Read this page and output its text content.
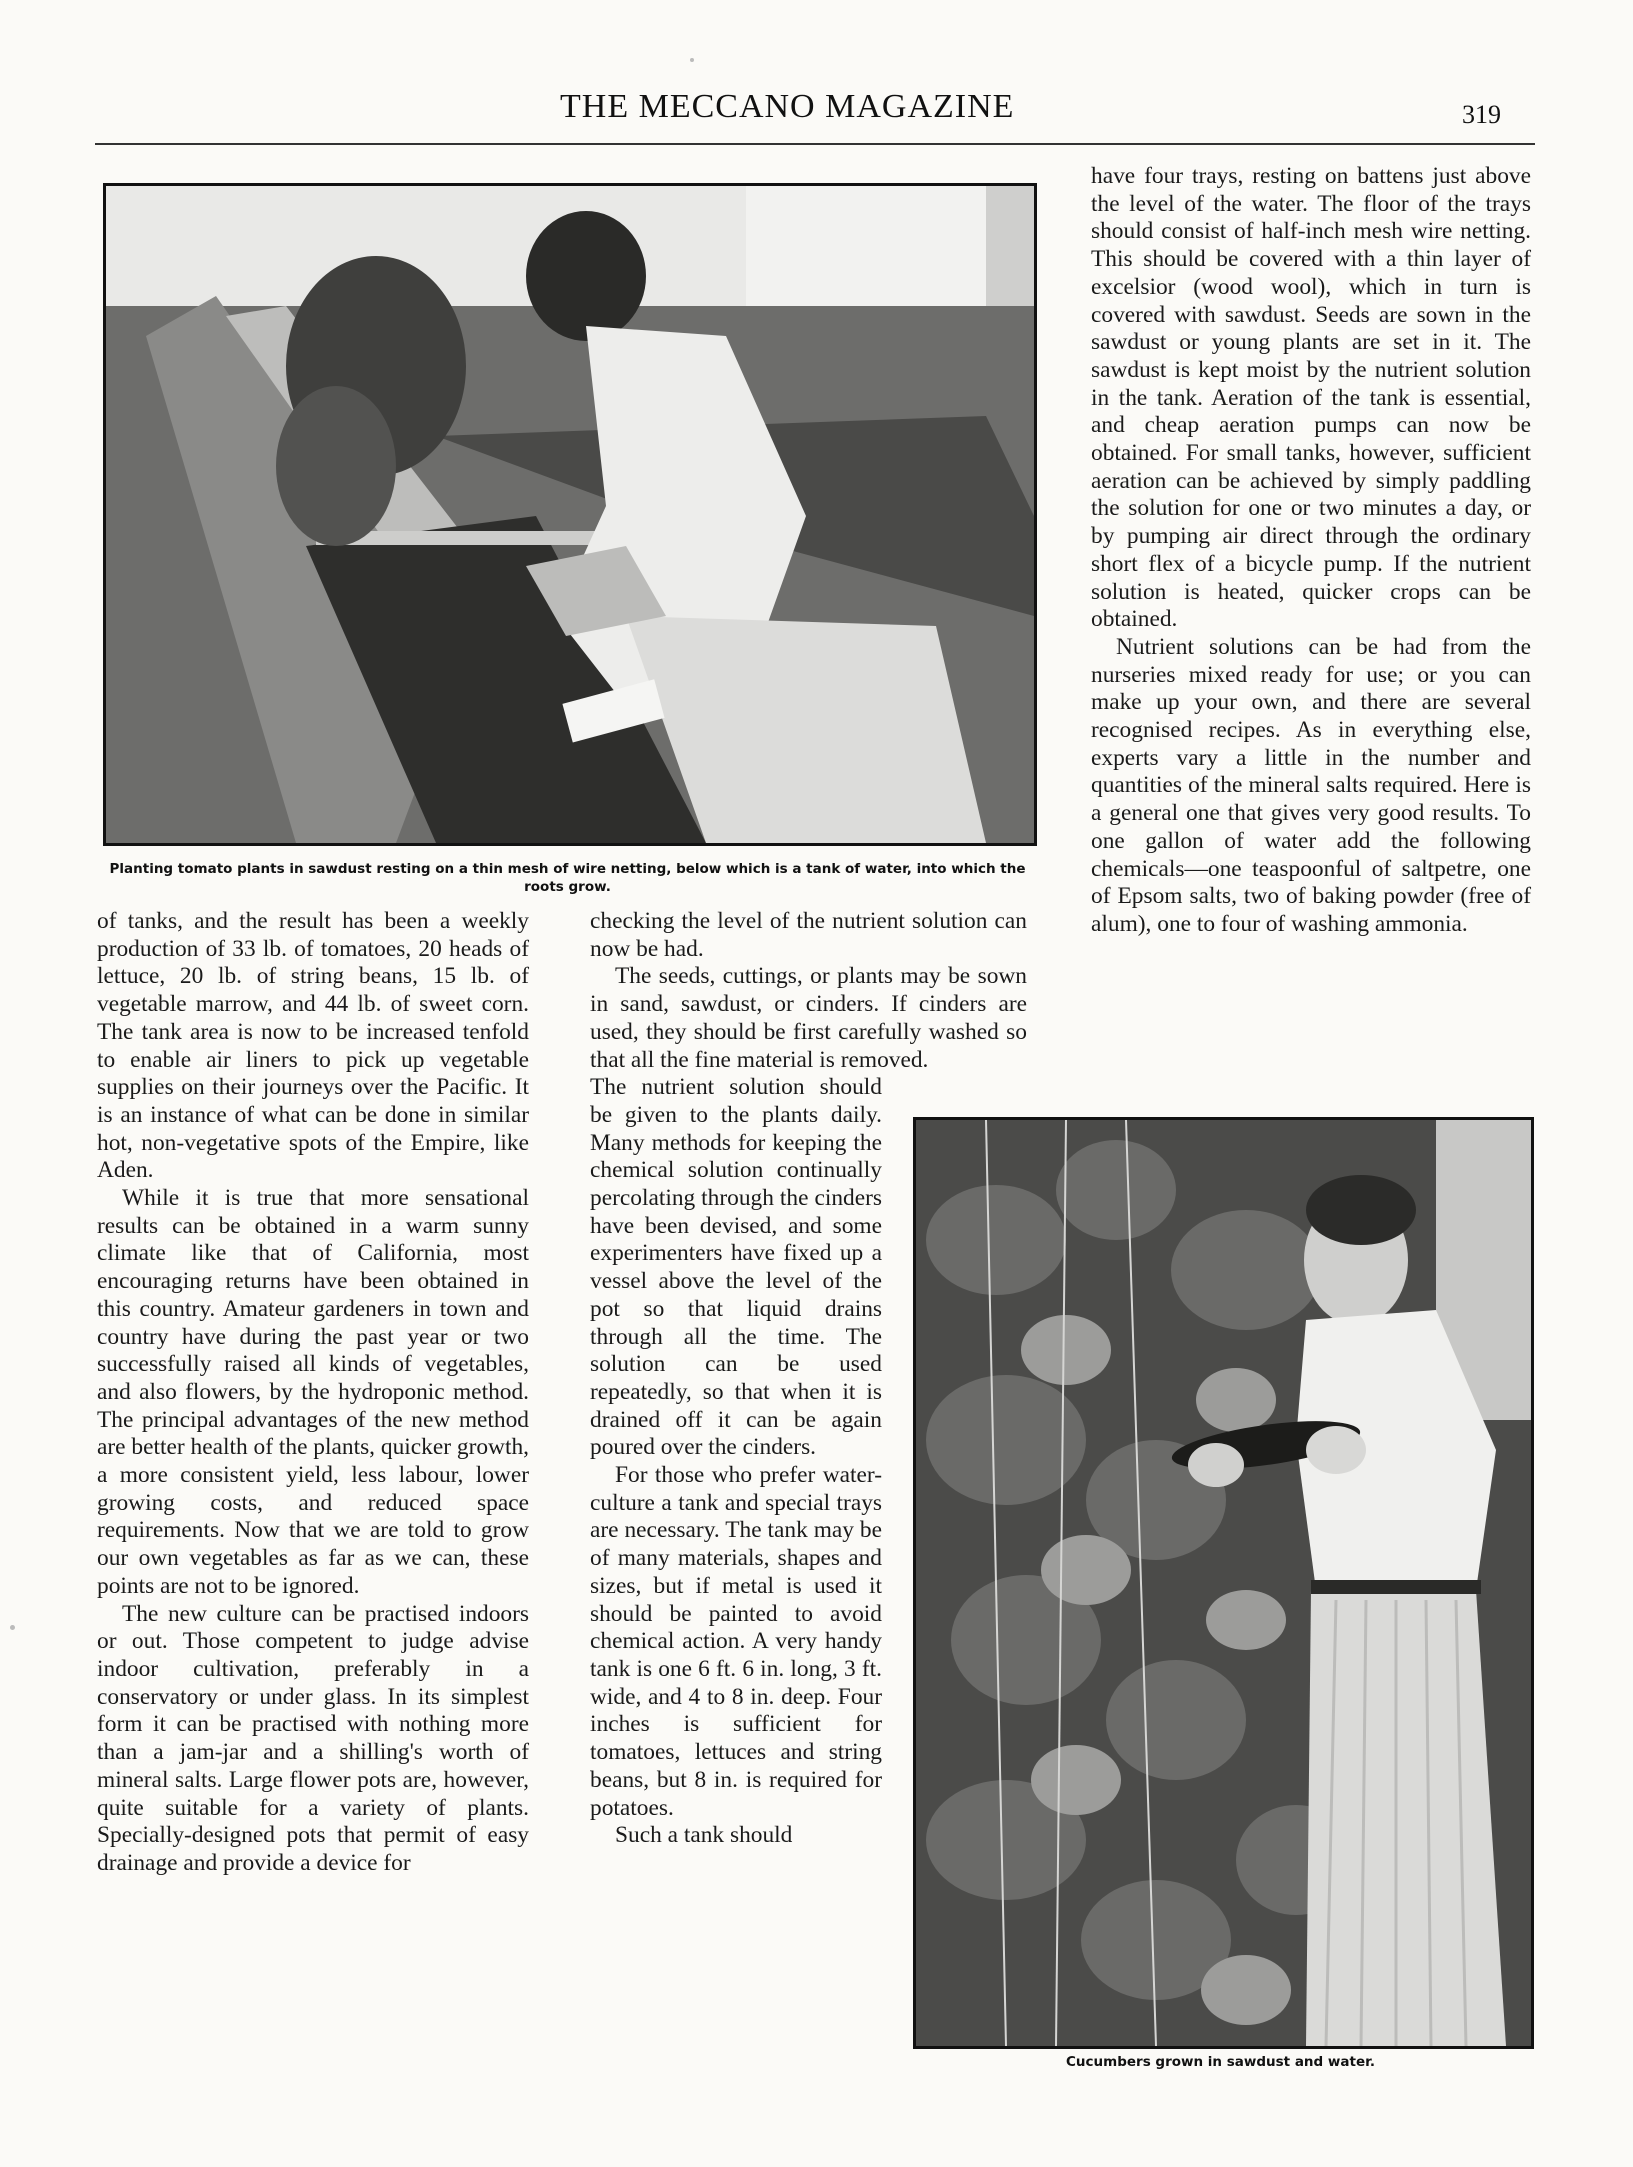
THE MECCANO MAGAZINE	319
Planting tomato plants in sawdust resting on a thin mesh of wire netting, below which is a tank of water, into which the roots grow.

of tanks, and the result has been a weekly production of 33 lb. of tomatoes, 20 heads of lettuce, 20 lb. of string beans, 15 lb. of vegetable marrow, and 44 lb. of sweet corn. The tank area is now to be increased tenfold to enable air liners to pick up vegetable supplies on their journeys over the Pacific. It is an instance of what can be done in similar hot, non-vegetative spots of the Empire, like Aden.

While it is true that more sensational results can be obtained in a warm sunny climate like that of California, most encouraging returns have been obtained in this country. Amateur gardeners in town and country have during the past year or two successfully raised all kinds of vegetables, and also flowers, by the hydroponic method. The principal advantages of the new method are better health of the plants, quicker growth, a more consistent yield, less labour, lower growing costs, and reduced space requirements. Now that we are told to grow our own vegetables as far as we can, these points are not to be ignored.

The new culture can be practised indoors or out. Those competent to judge advise indoor cultivation, preferably in a conservatory or under glass. In its simplest form it can be practised with nothing more than a jam-jar and a shilling's worth of mineral salts. Large flower pots are, however, quite suitable for a variety of plants. Specially-designed pots that permit of easy drainage and provide a device for

checking the level of the nutrient solution can now be had.

The seeds, cuttings, or plants may be sown in sand, sawdust, or cinders. If cinders are used, they should be first carefully washed so that all the fine material is removed.

The nutrient solution should be given to the plants daily. Many methods for keeping the chemical solution continually percolating through the cinders have been devised, and some experimenters have fixed up a vessel above the level of the pot so that liquid drains through all the time. The solution can be used repeatedly, so that when it is drained off it can be again poured over the cinders.

For those who prefer water-culture a tank and special trays are necessary. The tank may be of many materials, shapes and sizes, but if metal is used it should be painted to avoid chemical action. A very handy tank is one 6 ft. 6 in. long, 3 ft. wide, and 4 to 8 in. deep. Four inches is sufficient for tomatoes, lettuces and string beans, but 8 in. is required for potatoes.

Such a tank should

have four trays, resting on battens just above the level of the water. The floor of the trays should consist of half-inch mesh wire netting. This should be covered with a thin layer of excelsior (wood wool), which in turn is covered with sawdust. Seeds are sown in the sawdust or young plants are set in it. The sawdust is kept moist by the nutrient solution in the tank. Aeration of the tank is essential, and cheap aeration pumps can now be obtained. For small tanks, however, sufficient aeration can be achieved by simply paddling the solution for one or two minutes a day, or by pumping air direct through the ordinary short flex of a bicycle pump. If the nutrient solution is heated, quicker crops can be obtained.

Nutrient solutions can be had from the nurseries mixed ready for use; or you can make up your own, and there are several recognised recipes. As in everything else, experts vary a little in the number and quantities of the mineral salts required. Here is a general one that gives very good results. To one gallon of water add the following chemicals—one teaspoonful of saltpetre, one of Epsom salts, two of baking powder (free of alum), one to four of washing ammonia.

Cucumbers grown in sawdust and water.
